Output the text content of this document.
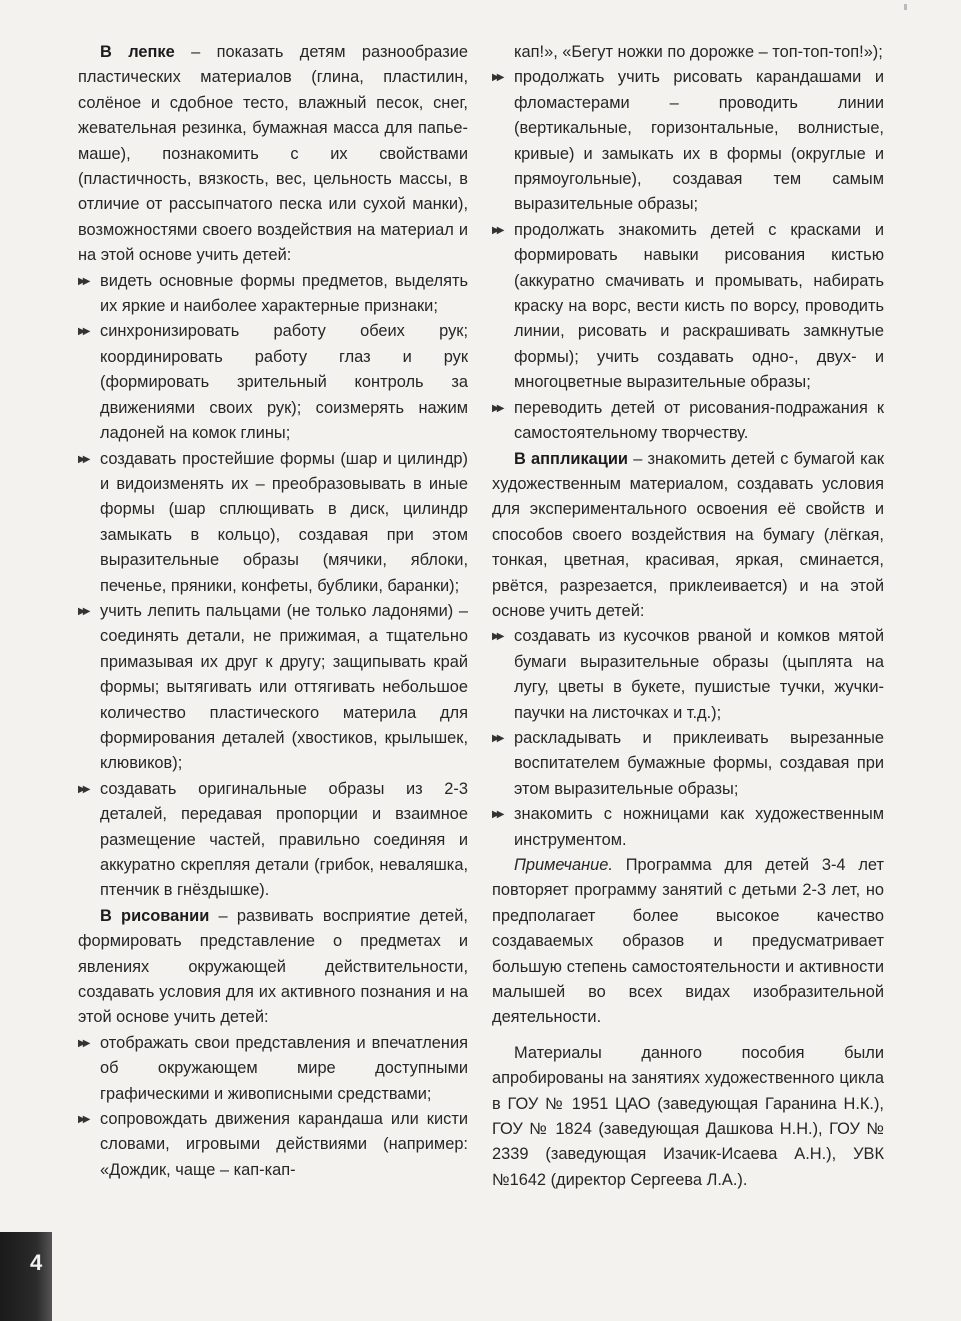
В лепке – показать детям разнообразие пластических материалов (глина, пластилин, солёное и сдобное тесто, влажный песок, снег, жевательная резинка, бумажная масса для папье-маше), познакомить с их свойствами (пластичность, вязкость, вес, цельность массы, в отличие от рассыпчатого песка или сухой манки), возможностями своего воздействия на материал и на этой основе учить детей:

▶▶ видеть основные формы предметов, выделять их яркие и наиболее характерные признаки;

▶▶ синхронизировать работу обеих рук; координировать работу глаз и рук (формировать зрительный контроль за движениями своих рук); соизмерять нажим ладоней на комок глины;

▶▶ создавать простейшие формы (шар и цилиндр) и видоизменять их – преобразовывать в иные формы (шар сплющивать в диск, цилиндр замыкать в кольцо), создавая при этом выразительные образы (мячики, яблоки, печенье, пряники, конфеты, бублики, баранки);

▶▶ учить лепить пальцами (не только ладонями) – соединять детали, не прижимая, а тщательно примазывая их друг к другу; защипывать край формы; вытягивать или оттягивать небольшое количество пластического материла для формирования деталей (хвостиков, крылышек, клювиков);

▶▶ создавать оригинальные образы из 2-3 деталей, передавая пропорции и взаимное размещение частей, правильно соединяя и аккуратно скрепляя детали (грибок, неваляшка, птенчик в гнёздышке).

В рисовании – развивать восприятие детей, формировать представление о предметах и явлениях окружающей действительности, создавать условия для их активного познания и на этой основе учить детей:

▶▶ отображать свои представления и впечатления об окружающем мире доступными графическими и живописными средствами;

▶▶ сопровождать движения карандаша или кисти словами, игровыми действиями (например: «Дождик, чаще – кап-кап-

кап!», «Бегут ножки по дорожке – топ-топ-топ!»);

▶▶ продолжать учить рисовать карандашами и фломастерами – проводить линии (вертикальные, горизонтальные, волнистые, кривые) и замыкать их в формы (округлые и прямоугольные), создавая тем самым выразительные образы;

▶▶ продолжать знакомить детей с красками и формировать навыки рисования кистью (аккуратно смачивать и промывать, набирать краску на ворс, вести кисть по ворсу, проводить линии, рисовать и раскрашивать замкнутые формы); учить создавать одно-, двух- и многоцветные выразительные образы;

▶▶ переводить детей от рисования-подражания к самостоятельному творчеству.

В аппликации – знакомить детей с бумагой как художественным материалом, создавать условия для экспериментального освоения её свойств и способов своего воздействия на бумагу (лёгкая, тонкая, цветная, красивая, яркая, сминается, рвётся, разрезается, приклеивается) и на этой основе учить детей:

▶▶ создавать из кусочков рваной и комков мятой бумаги выразительные образы (цыплята на лугу, цветы в букете, пушистые тучки, жучки-паучки на листочках и т.д.);

▶▶ раскладывать и приклеивать вырезанные воспитателем бумажные формы, создавая при этом выразительные образы;

▶▶ знакомить с ножницами как художественным инструментом.

Примечание. Программа для детей 3-4 лет повторяет программу занятий с детьми 2-3 лет, но предполагает более высокое качество создаваемых образов и предусматривает большую степень самостоятельности и активности малышей во всех видах изобразительной деятельности.

Материалы данного пособия были апробированы на занятиях художественного цикла в ГОУ № 1951 ЦАО (заведующая Гаранина Н.К.), ГОУ № 1824 (заведующая Дашкова Н.Н.), ГОУ № 2339 (заведующая Изачик-Исаева А.Н.), УВК №1642 (директор Сергеева Л.А.).

4
